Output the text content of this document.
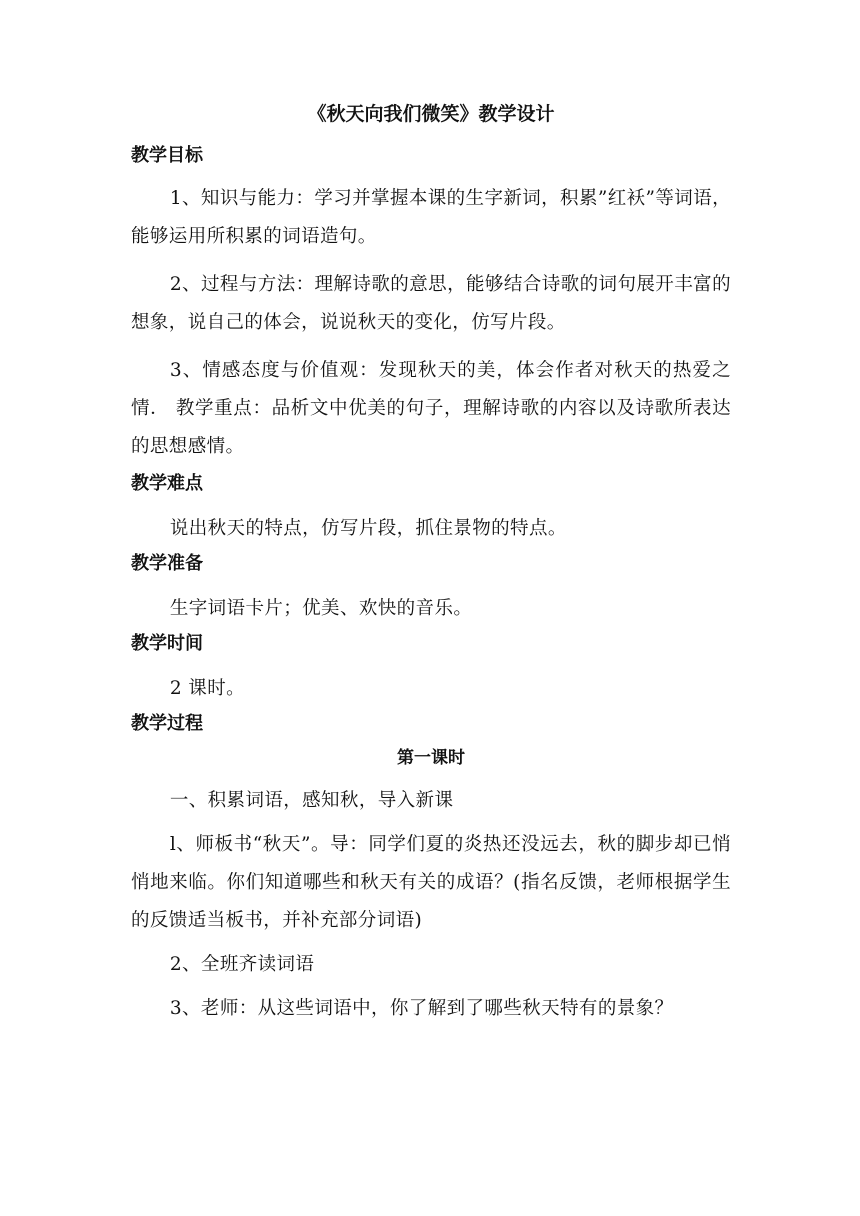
《秋天向我们微笑》教学设计

教学目标

1、知识与能力：学习并掌握本课的生字新词，积累”红袄”等词语，能够运用所积累的词语造句。

2、过程与方法：理解诗歌的意思，能够结合诗歌的词句展开丰富的想象，说自己的体会，说说秋天的变化，仿写片段。

3、情感态度与价值观：发现秋天的美，体会作者对秋天的热爱之情． 教学重点：品析文中优美的句子，理解诗歌的内容以及诗歌所表达的思想感情。

教学难点

说出秋天的特点，仿写片段，抓住景物的特点。

教学准备

生字词语卡片；优美、欢快的音乐。

教学时间

2 课时。

教学过程

第一课时

一、积累词语，感知秋，导入新课

l、师板书“秋天”。导：同学们夏的炎热还没远去，秋的脚步却已悄悄地来临。你们知道哪些和秋天有关的成语？(指名反馈，老师根据学生的反馈适当板书，并补充部分词语)

2、全班齐读词语

3、老师：从这些词语中，你了解到了哪些秋天特有的景象？
